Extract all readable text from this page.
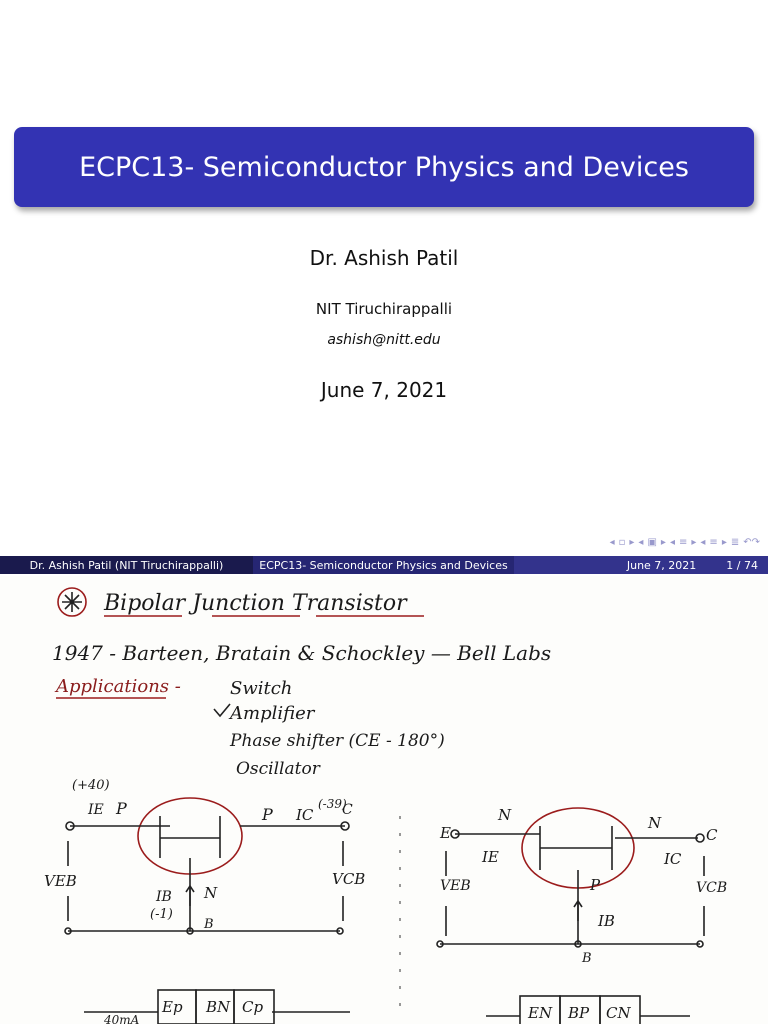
ECPC13- Semiconductor Physics and Devices
Dr. Ashish Patil
NIT Tiruchirappalli
ashish@nitt.edu
June 7, 2021
◂ ▫ ▸ ◂ ▣ ▸ ◂ ≡ ▸ ◂ ≡ ▸ ≣ ↶↷
Dr. Ashish Patil (NIT Tiruchirappalli)	ECPC13- Semiconductor Physics and Devices	June 7, 2021	1 / 74
Bipolar Junction Transistor
1947 - Barteen, Bratain & Schockley — Bell Labs
Applications -	Switch
Amplifier
Phase shifter (CE - 180°)
Oscillator
(+40)
IE P	P IC
(-39)
C
VEB	VCB
IB
(-1)
N
B
E
N	N
C
IE	IC
P
VEB	VCB
IB
B
Ep BN Cp
40mA	EN BP CN
